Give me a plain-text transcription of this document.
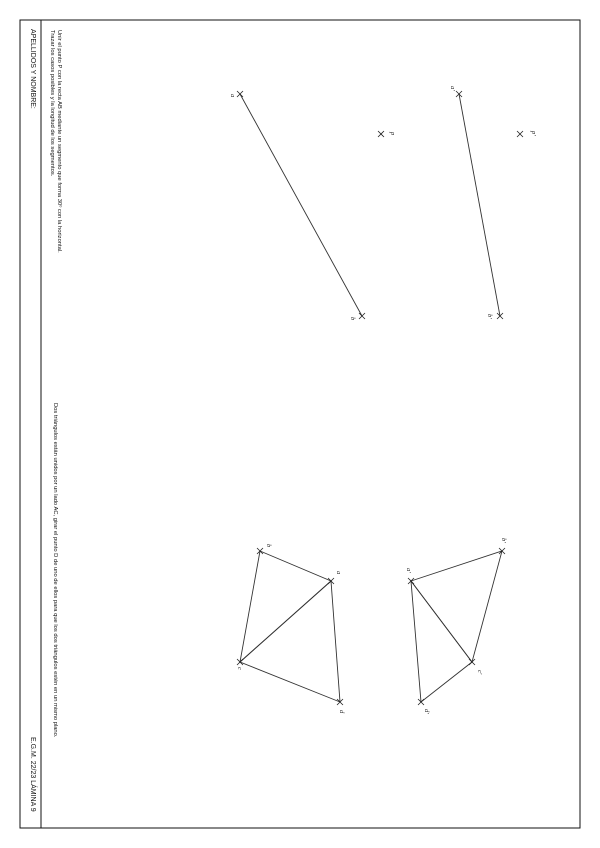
a
b
p
a'
b'
p'
b
a
c
d
a'
b'
c'
d'
APELLIDOS Y NOMBRE:
E.G.M. 22/23 LÁMINA 9
Unir el punto P con la recta AB mediante un segmento que forma 30º con la horizontal.
Trazar los casos posibles y la longitud de los segmentos.
Dos triángulos están unidos por un lado AC, girar el punto D de uno de ellos para que los dos triángulos estén en un mismo plano.
